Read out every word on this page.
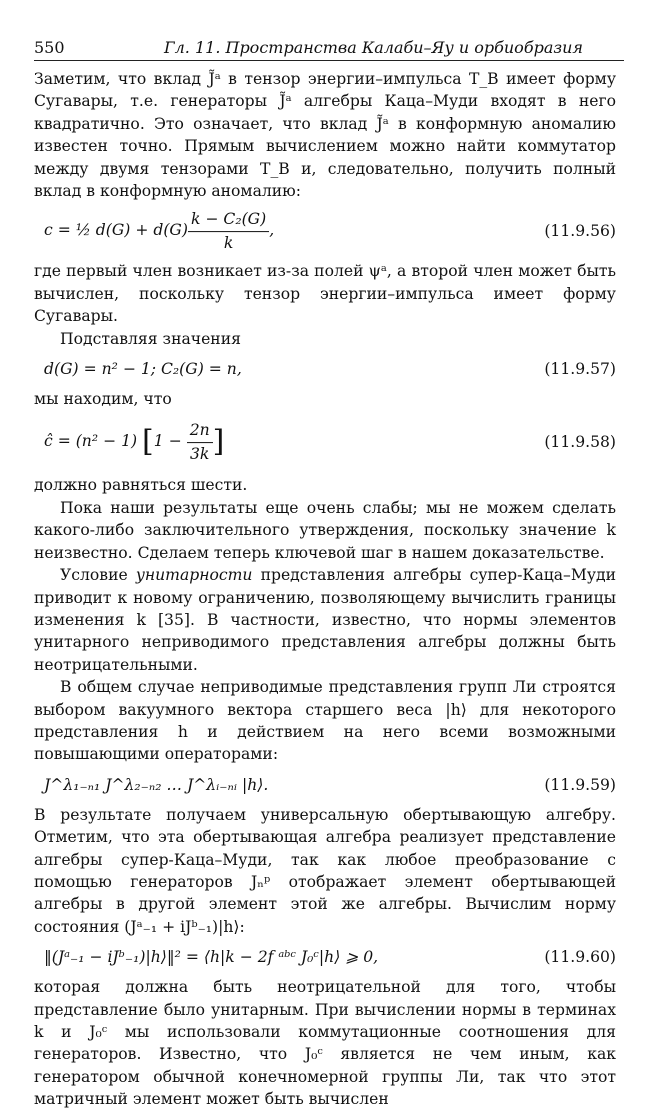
550	Гл. 11. Пространства Калаби–Яу и орбиобразия

Заметим, что вклад J̃ᵃ в тензор энергии–импульса T_B имеет форму Сугавары, т.е. генераторы J̃ᵃ алгебры Каца–Муди входят в него квадратично. Это означает, что вклад J̃ᵃ в конформную аномалию известен точно. Прямым вычислением можно найти коммутатор между двумя тензорами T_B и, следовательно, получить полный вклад в конформную аномалию:

c = ½ $d(G) + d(G) \frac{\text{k − C₂(G)}}{k}$ ,	(11.9.56)

где первый член возникает из-за полей ψᵃ, а второй член может быть вычислен, поскольку тензор энергии–импульса имеет форму Сугавары.

Подставляя значения

d(G) = n² − 1; C₂(G) = n,	(11.9.57)

мы находим, что

ĉ = (n² − 1) [$1 - \frac{2n}{3k}$ ]	(11.9.58)

должно равняться шести.

Пока наши результаты еще очень слабы; мы не можем сделать какого-либо заключительного утверждения, поскольку значение k неизвестно. Сделаем теперь ключевой шаг в нашем доказательстве.

Условие унитарности представления алгебры супер-Каца–Муди приводит к новому ограничению, позволяющему вычислить границы изменения k [35]. В частности, известно, что нормы элементов унитарного неприводимого представления алгебры должны быть неотрицательными.

В общем случае неприводимые представления групп Ли строятся выбором вакуумного вектора старшего веса |h⟩ для некоторого представления h и действием на него всеми возможными повышающими операторами:

J^λ₁₋ₙ₁ J^λ₂₋ₙ₂ … J^λᵢ₋ₙᵢ |h⟩.	(11.9.59)

В результате получаем универсальную обертывающую алгебру. Отметим, что эта обертывающая алгебра реализует представление алгебры супер-Каца–Муди, так как любое преобразование с помощью генераторов Jₙᵖ отображает элемент обертывающей алгебры в другой элемент этой же алгебры. Вычислим норму состояния (Jᵃ₋₁ + iJᵇ₋₁)|h⟩:

‖(Jᵃ₋₁ − iJᵇ₋₁)|h⟩‖² = ⟨h|k − 2f ᵃᵇᶜ J₀ᶜ|h⟩ ⩾ 0,	(11.9.60)

которая должна быть неотрицательной для того, чтобы представление было унитарным. При вычислении нормы в терминах k и J₀ᶜ мы использовали коммутационные соотношения для генераторов. Известно, что J₀ᶜ является не чем иным, как генератором обычной конечномерной группы Ли, так что этот матричный элемент может быть вычислен
